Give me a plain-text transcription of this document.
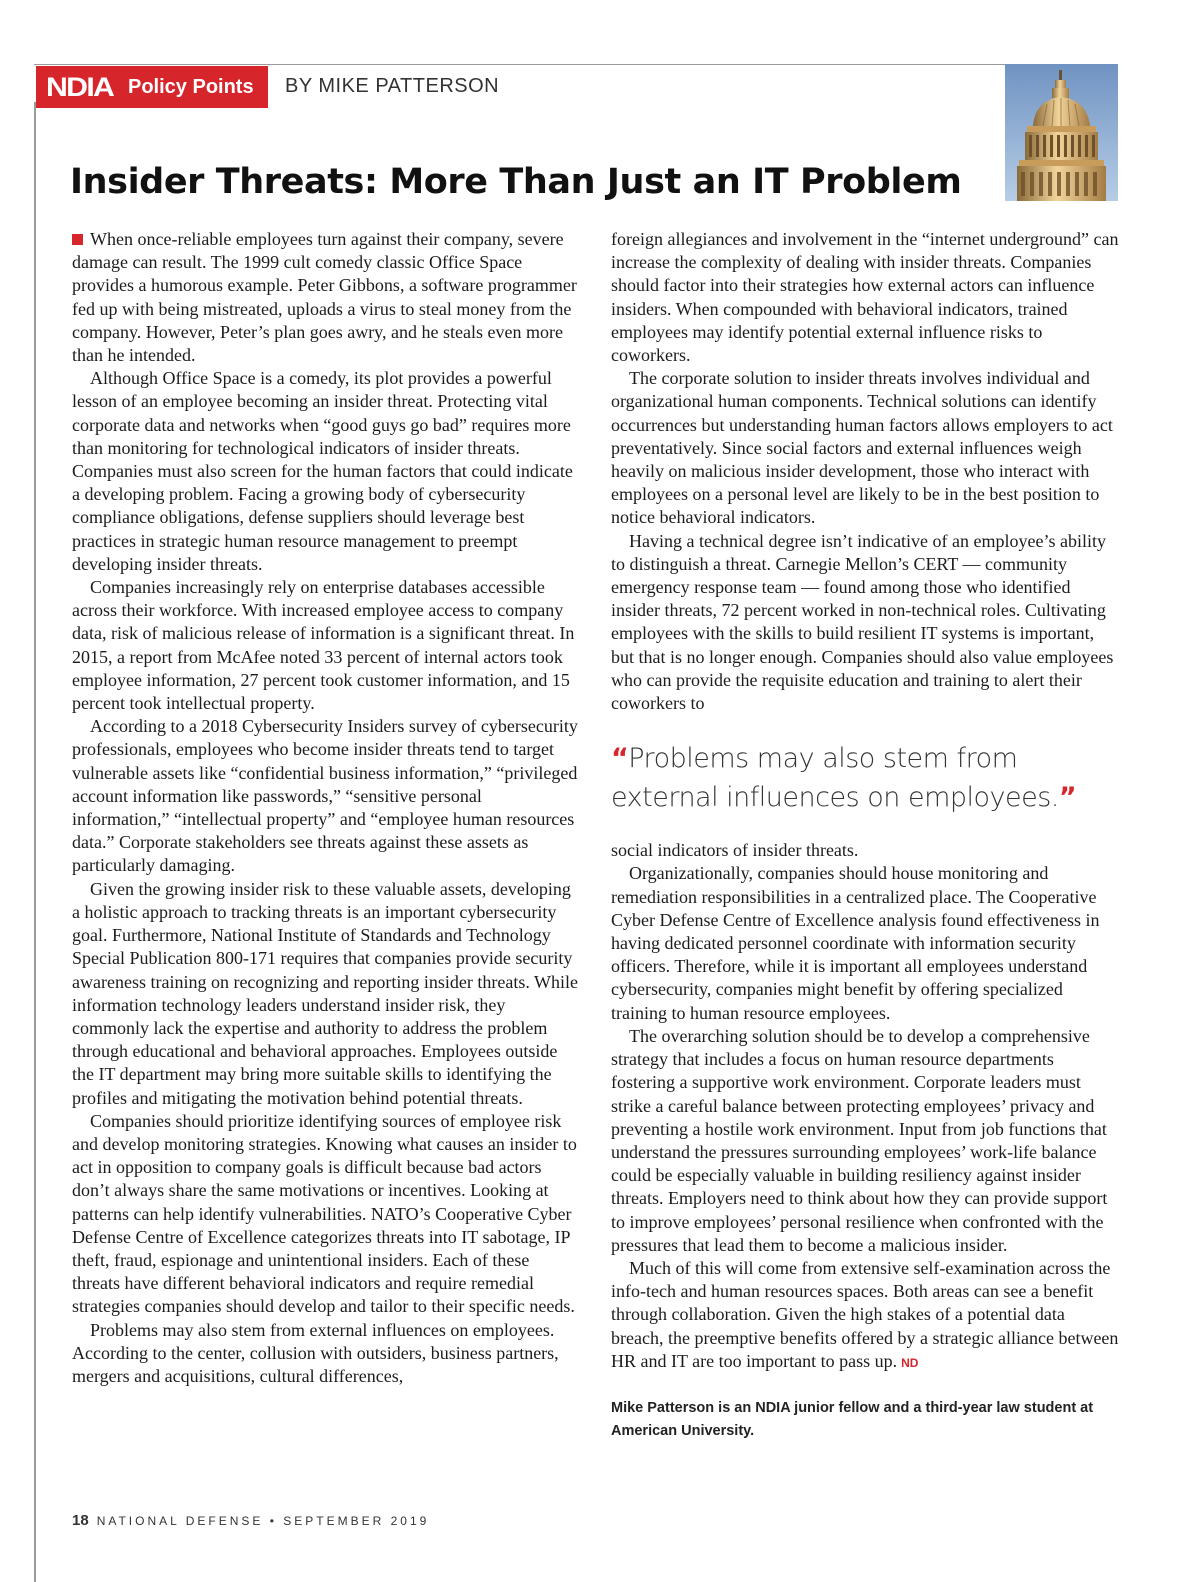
NDIA Policy Points BY MIKE PATTERSON
Insider Threats: More Than Just an IT Problem

When once-reliable employees turn against their company, severe damage can result. The 1999 cult comedy classic Office Space provides a humorous example. Peter Gibbons, a software programmer fed up with being mistreated, uploads a virus to steal money from the company. However, Peter’s plan goes awry, and he steals even more than he intended.

Although Office Space is a comedy, its plot provides a powerful lesson of an employee becoming an insider threat. Protecting vital corporate data and networks when “good guys go bad” requires more than monitoring for technological indicators of insider threats. Companies must also screen for the human factors that could indicate a developing problem. Facing a growing body of cybersecurity compliance obligations, defense suppliers should leverage best practices in strategic human resource management to preempt developing insider threats.

Companies increasingly rely on enterprise databases accessible across their workforce. With increased employee access to company data, risk of malicious release of information is a significant threat. In 2015, a report from McAfee noted 33 percent of internal actors took employee information, 27 percent took customer information, and 15 percent took intellectual property.

According to a 2018 Cybersecurity Insiders survey of cybersecurity professionals, employees who become insider threats tend to target vulnerable assets like “confidential business information,” “privileged account information like passwords,” “sensitive personal information,” “intellectual property” and “employee human resources data.” Corporate stakeholders see threats against these assets as particularly damaging.

Given the growing insider risk to these valuable assets, developing a holistic approach to tracking threats is an important cybersecurity goal. Furthermore, National Institute of Standards and Technology Special Publication 800-171 requires that companies provide security awareness training on recognizing and reporting insider threats. While information technology leaders understand insider risk, they commonly lack the expertise and authority to address the problem through educational and behavioral approaches. Employees outside the IT department may bring more suitable skills to identifying the profiles and mitigating the motivation behind potential threats.

Companies should prioritize identifying sources of employee risk and develop monitoring strategies. Knowing what causes an insider to act in opposition to company goals is difficult because bad actors don’t always share the same motivations or incentives. Looking at patterns can help identify vulnerabilities. NATO’s Cooperative Cyber Defense Centre of Excellence categorizes threats into IT sabotage, IP theft, fraud, espionage and unintentional insiders. Each of these threats have different behavioral indicators and require remedial strategies companies should develop and tailor to their specific needs.

Problems may also stem from external influences on employees. According to the center, collusion with outsiders, business partners, mergers and acquisitions, cultural differences,

foreign allegiances and involvement in the “internet underground” can increase the complexity of dealing with insider threats. Companies should factor into their strategies how external actors can influence insiders. When compounded with behavioral indicators, trained employees may identify potential external influence risks to coworkers.

The corporate solution to insider threats involves individual and organizational human components. Technical solutions can identify occurrences but understanding human factors allows employers to act preventatively. Since social factors and external influences weigh heavily on malicious insider development, those who interact with employees on a personal level are likely to be in the best position to notice behavioral indicators.

Having a technical degree isn’t indicative of an employee’s ability to distinguish a threat. Carnegie Mellon’s CERT — community emergency response team — found among those who identified insider threats, 72 percent worked in non-technical roles. Cultivating employees with the skills to build resilient IT systems is important, but that is no longer enough. Companies should also value employees who can provide the requisite education and training to alert their coworkers to

“Problems may also stem from external influences on employees.”

social indicators of insider threats.

Organizationally, companies should house monitoring and remediation responsibilities in a centralized place. The Cooperative Cyber Defense Centre of Excellence analysis found effectiveness in having dedicated personnel coordinate with information security officers. Therefore, while it is important all employees understand cybersecurity, companies might benefit by offering specialized training to human resource employees.

The overarching solution should be to develop a comprehensive strategy that includes a focus on human resource departments fostering a supportive work environment. Corporate leaders must strike a careful balance between protecting employees’ privacy and preventing a hostile work environment. Input from job functions that understand the pressures surrounding employees’ work-life balance could be especially valuable in building resiliency against insider threats. Employers need to think about how they can provide support to improve employees’ personal resilience when confronted with the pressures that lead them to become a malicious insider.

Much of this will come from extensive self-examination across the info-tech and human resources spaces. Both areas can see a benefit through collaboration. Given the high stakes of a potential data breach, the preemptive benefits offered by a strategic alliance between HR and IT are too important to pass up. ND

Mike Patterson is an NDIA junior fellow and a third-year law student at American University.
18 NATIONAL DEFENSE • SEPTEMBER 2019
